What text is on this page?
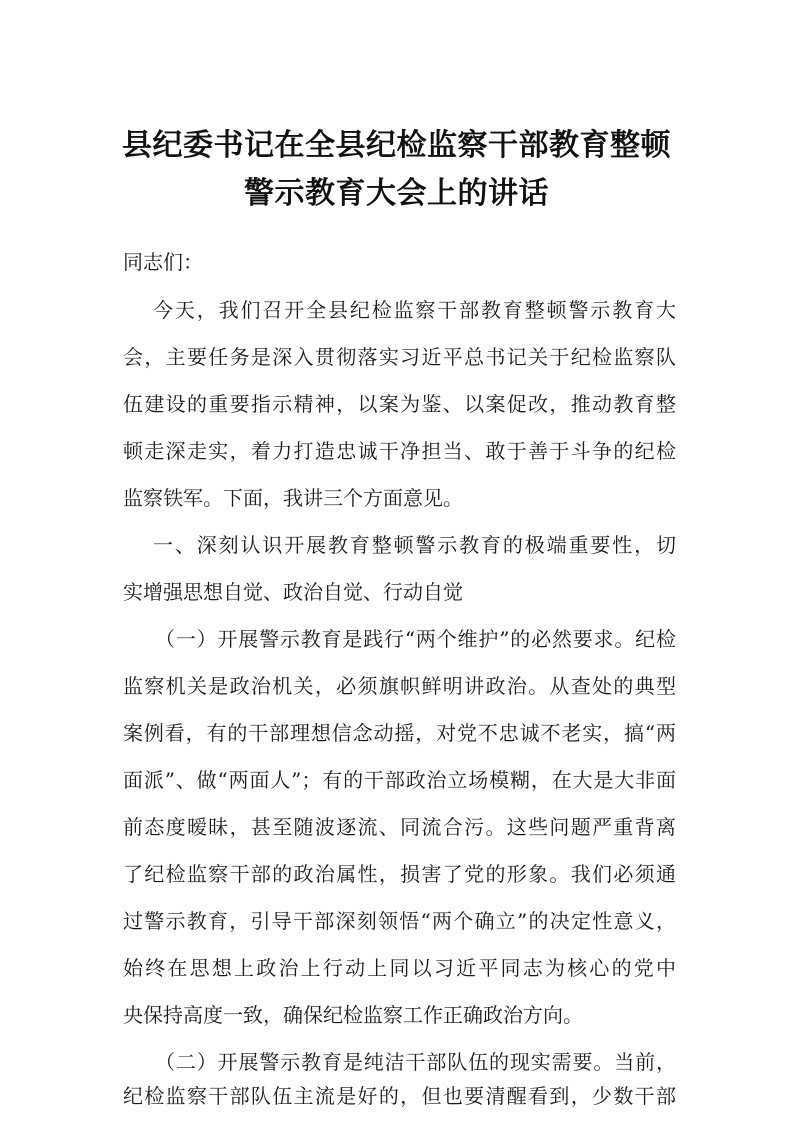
县纪委书记在全县纪检监察干部教育整顿
警示教育大会上的讲话
同志们：
今天，我们召开全县纪检监察干部教育整顿警示教育大
会，主要任务是深入贯彻落实习近平总书记关于纪检监察队
伍建设的重要指示精神，以案为鉴、以案促改，推动教育整
顿走深走实，着力打造忠诚干净担当、敢于善于斗争的纪检
监察铁军。下面，我讲三个方面意见。
一、深刻认识开展教育整顿警示教育的极端重要性，切
实增强思想自觉、政治自觉、行动自觉
（一）开展警示教育是践行“两个维护”的必然要求。纪检
监察机关是政治机关，必须旗帜鲜明讲政治。从查处的典型
案例看，有的干部理想信念动摇，对党不忠诚不老实，搞“两
面派”、做“两面人”；有的干部政治立场模糊，在大是大非面
前态度暧昧，甚至随波逐流、同流合污。这些问题严重背离
了纪检监察干部的政治属性，损害了党的形象。我们必须通
过警示教育，引导干部深刻领悟“两个确立”的决定性意义，
始终在思想上政治上行动上同以习近平同志为核心的党中
央保持高度一致，确保纪检监察工作正确政治方向。
（二）开展警示教育是纯洁干部队伍的现实需要。当前，
纪检监察干部队伍主流是好的，但也要清醒看到，少数干部
